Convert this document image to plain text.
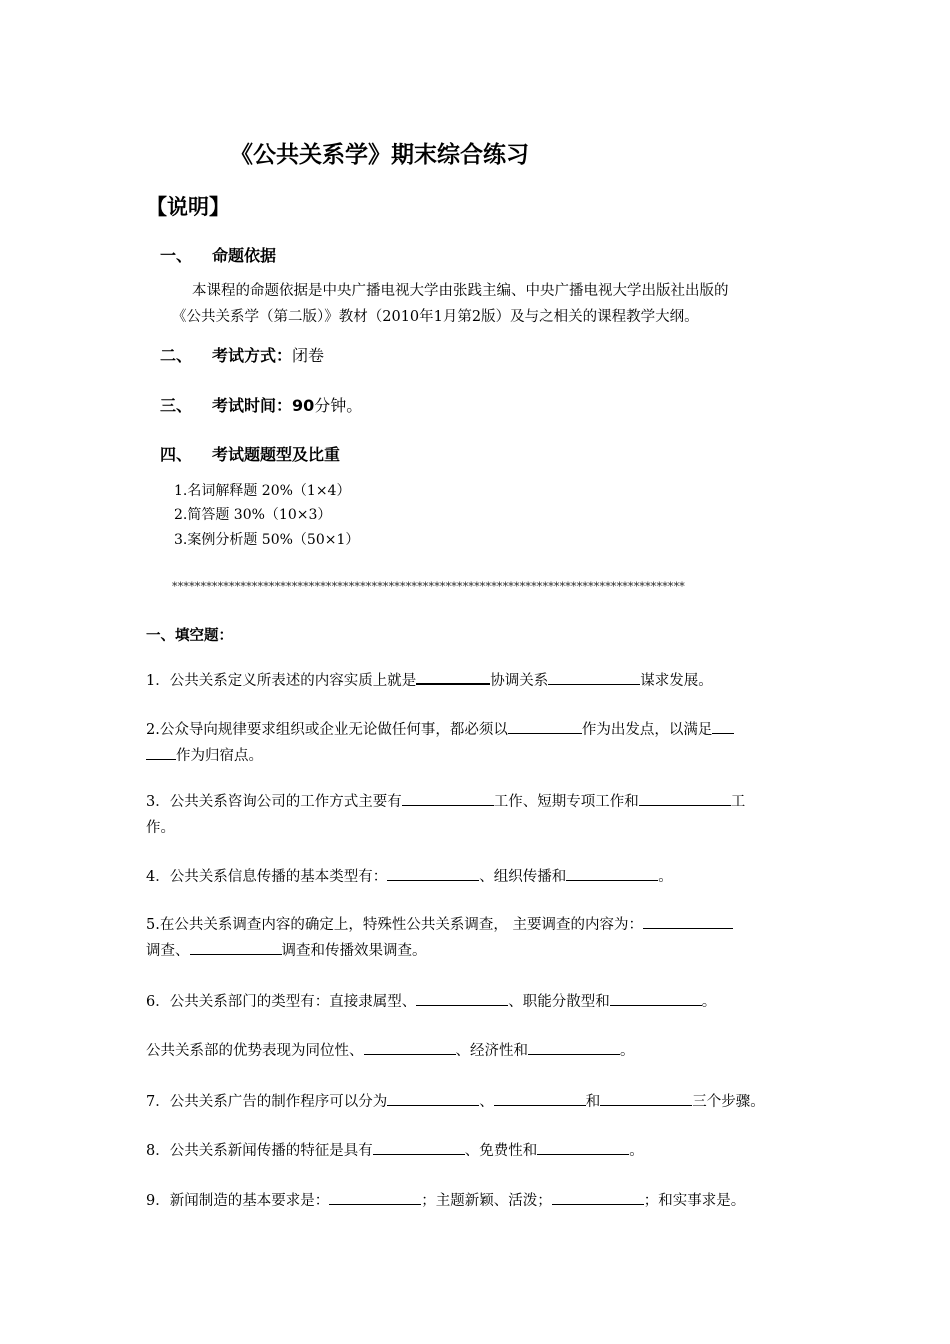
《公共关系学》期末综合练习
【说明】
一、 命题依据
本课程的命题依据是中央广播电视大学由张践主编、中央广播电视大学出版社出版的
《公共关系学（第二版）》教材（2010年1月第2版）及与之相关的课程教学大纲。
二、 考试方式：闭卷
三、 考试时间：90分钟。
四、 考试题题型及比重
1.名词解释题 20%（1×4）
2.简答题 30%（10×3）
3.案例分析题 50%（50×1）
******************************************************************************************
一、填空题：
1．公共关系定义所表述的内容实质上就是	协调关系	谋求发展。
2.公众导向规律要求组织或企业无论做任何事，都必须以	作为出发点，以满足
作为归宿点。
3．公共关系咨询公司的工作方式主要有	工作、短期专项工作和	工
作。
4．公共关系信息传播的基本类型有：	、组织传播和	。
5.在公共关系调查内容的确定上，特殊性公共关系调查， 主要调查的内容为：
调查、	调查和传播效果调查。
6．公共关系部门的类型有：直接隶属型、	、职能分散型和	。
公共关系部的优势表现为同位性、	、经济性和	。
7．公共关系广告的制作程序可以分为	、	和	三个步骤。
8．公共关系新闻传播的特征是具有	、免费性和	。
9．新闻制造的基本要求是：	；主题新颖、活泼；	；和实事求是。
